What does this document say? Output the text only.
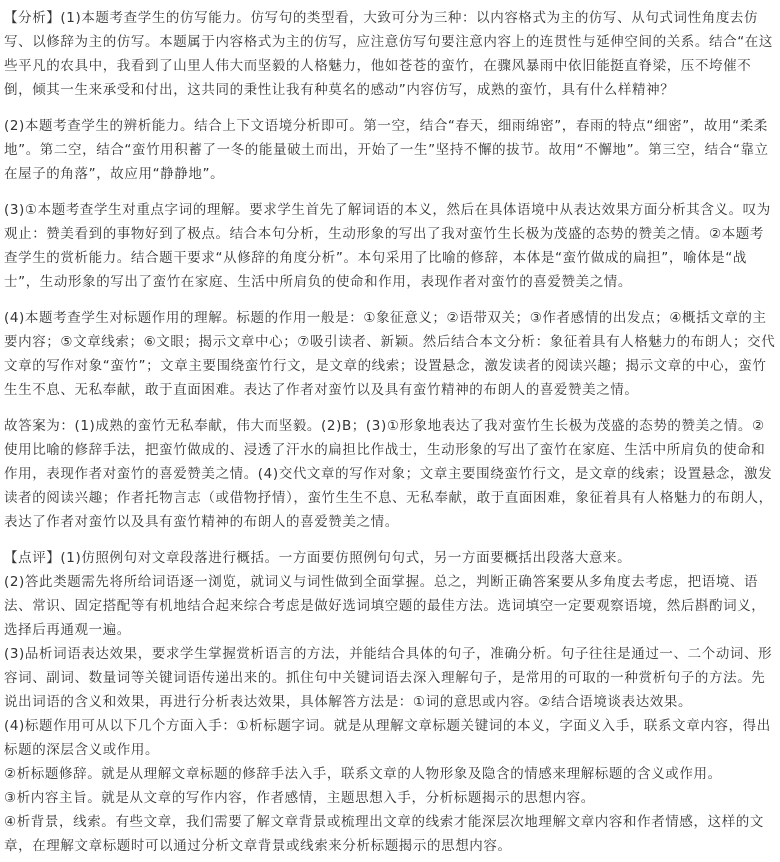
【分析】(1)本题考查学生的仿写能力。仿写句的类型看，大致可分为三种：以内容格式为主的仿写、从句式词性角度去仿写、以修辞为主的仿写。本题属于内容格式为主的仿写，应注意仿写句要注意内容上的连贯性与延伸空间的关系。结合“在这些平凡的农具中，我看到了山里人伟大而坚毅的人格魅力，他如苍苍的蛮竹，在骤风暴雨中依旧能挺直脊梁，压不垮催不倒，倾其一生来承受和付出，这共同的秉性让我有种莫名的感动”内容仿写，成熟的蛮竹，具有什么样精神？

(2)本题考查学生的辨析能力。结合上下文语境分析即可。第一空，结合“春天，细雨绵密”，春雨的特点“细密”，故用“柔柔地”。第二空，结合“蛮竹用积蓄了一冬的能量破土而出，开始了一生”坚持不懈的拔节。故用“不懈地”。第三空，结合“靠立在屋子的角落”，故应用“静静地”。

(3)①本题考查学生对重点字词的理解。要求学生首先了解词语的本义，然后在具体语境中从表达效果方面分析其含义。叹为观止：赞美看到的事物好到了极点。结合本句分析，生动形象的写出了我对蛮竹生长极为茂盛的态势的赞美之情。②本题考查学生的赏析能力。结合题干要求“从修辞的角度分析”。本句采用了比喻的修辞，本体是“蛮竹做成的扁担”，喻体是“战士”，生动形象的写出了蛮竹在家庭、生活中所肩负的使命和作用，表现作者对蛮竹的喜爱赞美之情。

(4)本题考查学生对标题作用的理解。标题的作用一般是：①象征意义；②语带双关；③作者感情的出发点；④概括文章的主要内容；⑤文章线索；⑥文眼；揭示文章中心；⑦吸引读者、新颖。然后结合本文分析：象征着具有人格魅力的布朗人；交代文章的写作对象“蛮竹”；文章主要围绕蛮竹行文，是文章的线索；设置悬念，激发读者的阅读兴趣；揭示文章的中心，蛮竹生生不息、无私奉献，敢于直面困难。表达了作者对蛮竹以及具有蛮竹精神的布朗人的喜爱赞美之情。

故答案为：(1)成熟的蛮竹无私奉献，伟大而坚毅。(2)B；(3)①形象地表达了我对蛮竹生长极为茂盛的态势的赞美之情。②使用比喻的修辞手法，把蛮竹做成的、浸透了汗水的扁担比作战士，生动形象的写出了蛮竹在家庭、生活中所肩负的使命和作用，表现作者对蛮竹的喜爱赞美之情。(4)交代文章的写作对象；文章主要围绕蛮竹行文，是文章的线索；设置悬念，激发读者的阅读兴趣；作者托物言志（或借物抒情），蛮竹生生不息、无私奉献，敢于直面困难，象征着具有人格魅力的布朗人，表达了作者对蛮竹以及具有蛮竹精神的布朗人的喜爱赞美之情。

【点评】(1)仿照例句对文章段落进行概括。一方面要仿照例句句式，另一方面要概括出段落大意来。

(2)答此类题需先将所给词语逐一浏览，就词义与词性做到全面掌握。总之，判断正确答案要从多角度去考虑，把语境、语法、常识、固定搭配等有机地结合起来综合考虑是做好选词填空题的最佳方法。选词填空一定要观察语境，然后斟酌词义，选择后再通观一遍。

(3)品析词语表达效果，要求学生掌握赏析语言的方法，并能结合具体的句子，准确分析。句子往往是通过一、二个动词、形容词、副词、数量词等关键词语传递出来的。抓住句中关键词语去深入理解句子，是常用的可取的一种赏析句子的方法。先说出词语的含义和效果，再进行分析表达效果，具体解答方法是：①词的意思或内容。②结合语境谈表达效果。

(4)标题作用可从以下几个方面入手：①析标题字词。就是从理解文章标题关键词的本义，字面义入手，联系文章内容，得出标题的深层含义或作用。

②析标题修辞。就是从理解文章标题的修辞手法入手，联系文章的人物形象及隐含的情感来理解标题的含义或作用。

③析内容主旨。就是从文章的写作内容，作者感情，主题思想入手，分析标题揭示的思想内容。

④析背景，线索。有些文章，我们需要了解文章背景或梳理出文章的线索才能深层次地理解文章内容和作者情感，这样的文章，在理解文章标题时可以通过分析文章背景或线索来分析标题揭示的思想内容。
